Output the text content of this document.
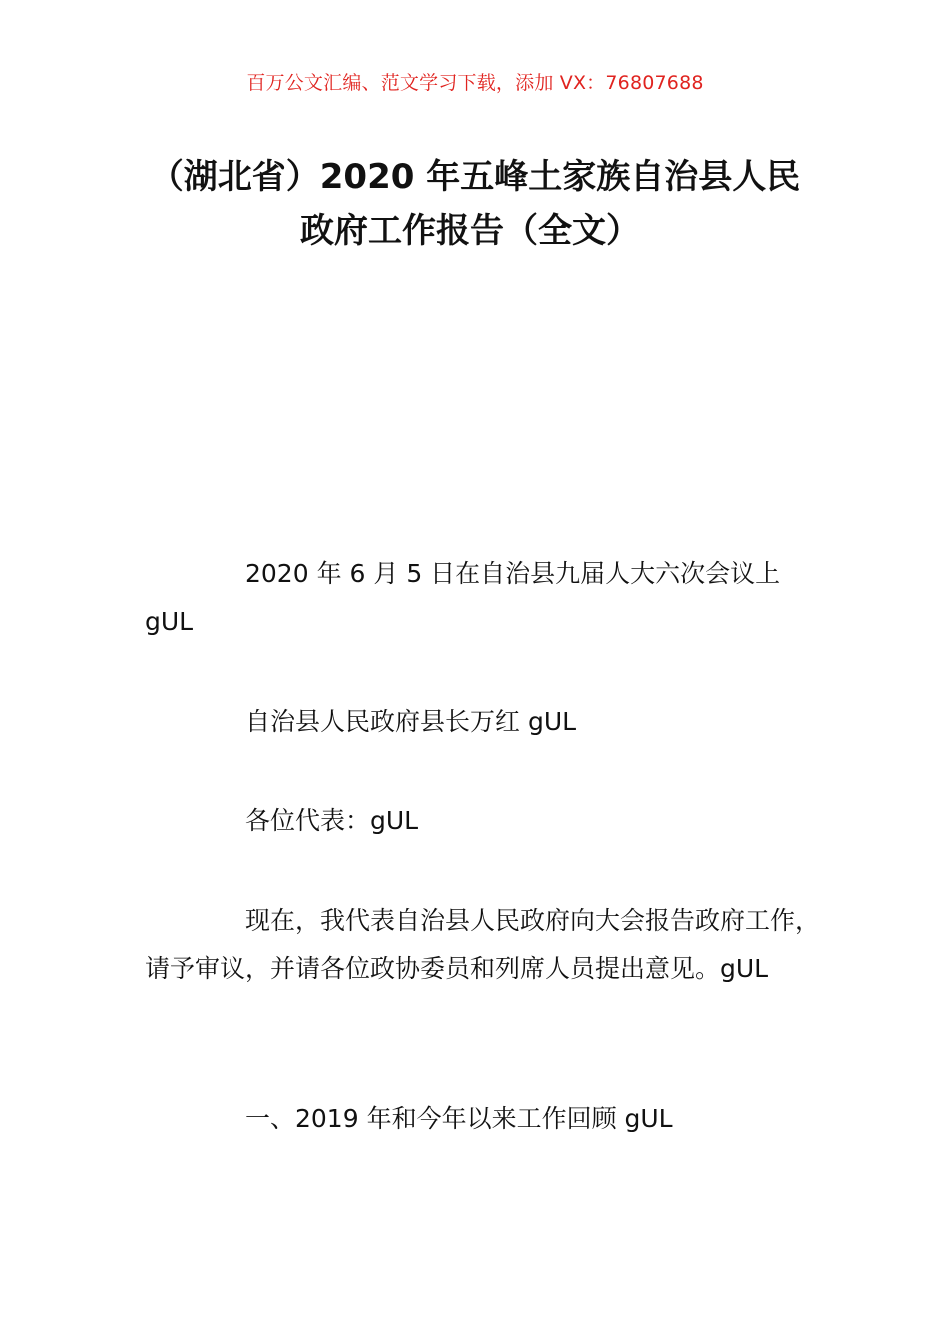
百万公文汇编、范文学习下载，添加 VX：76807688
（湖北省）2020 年五峰土家族自治县人民
政府工作报告（全文）
2020 年 6 月 5 日在自治县九届人大六次会议上 gUL
自治县人民政府县长万红 gUL
各位代表：gUL
现在，我代表自治县人民政府向大会报告政府工作，请予审议，并请各位政协委员和列席人员提出意见。gUL
一、2019 年和今年以来工作回顾 gUL
